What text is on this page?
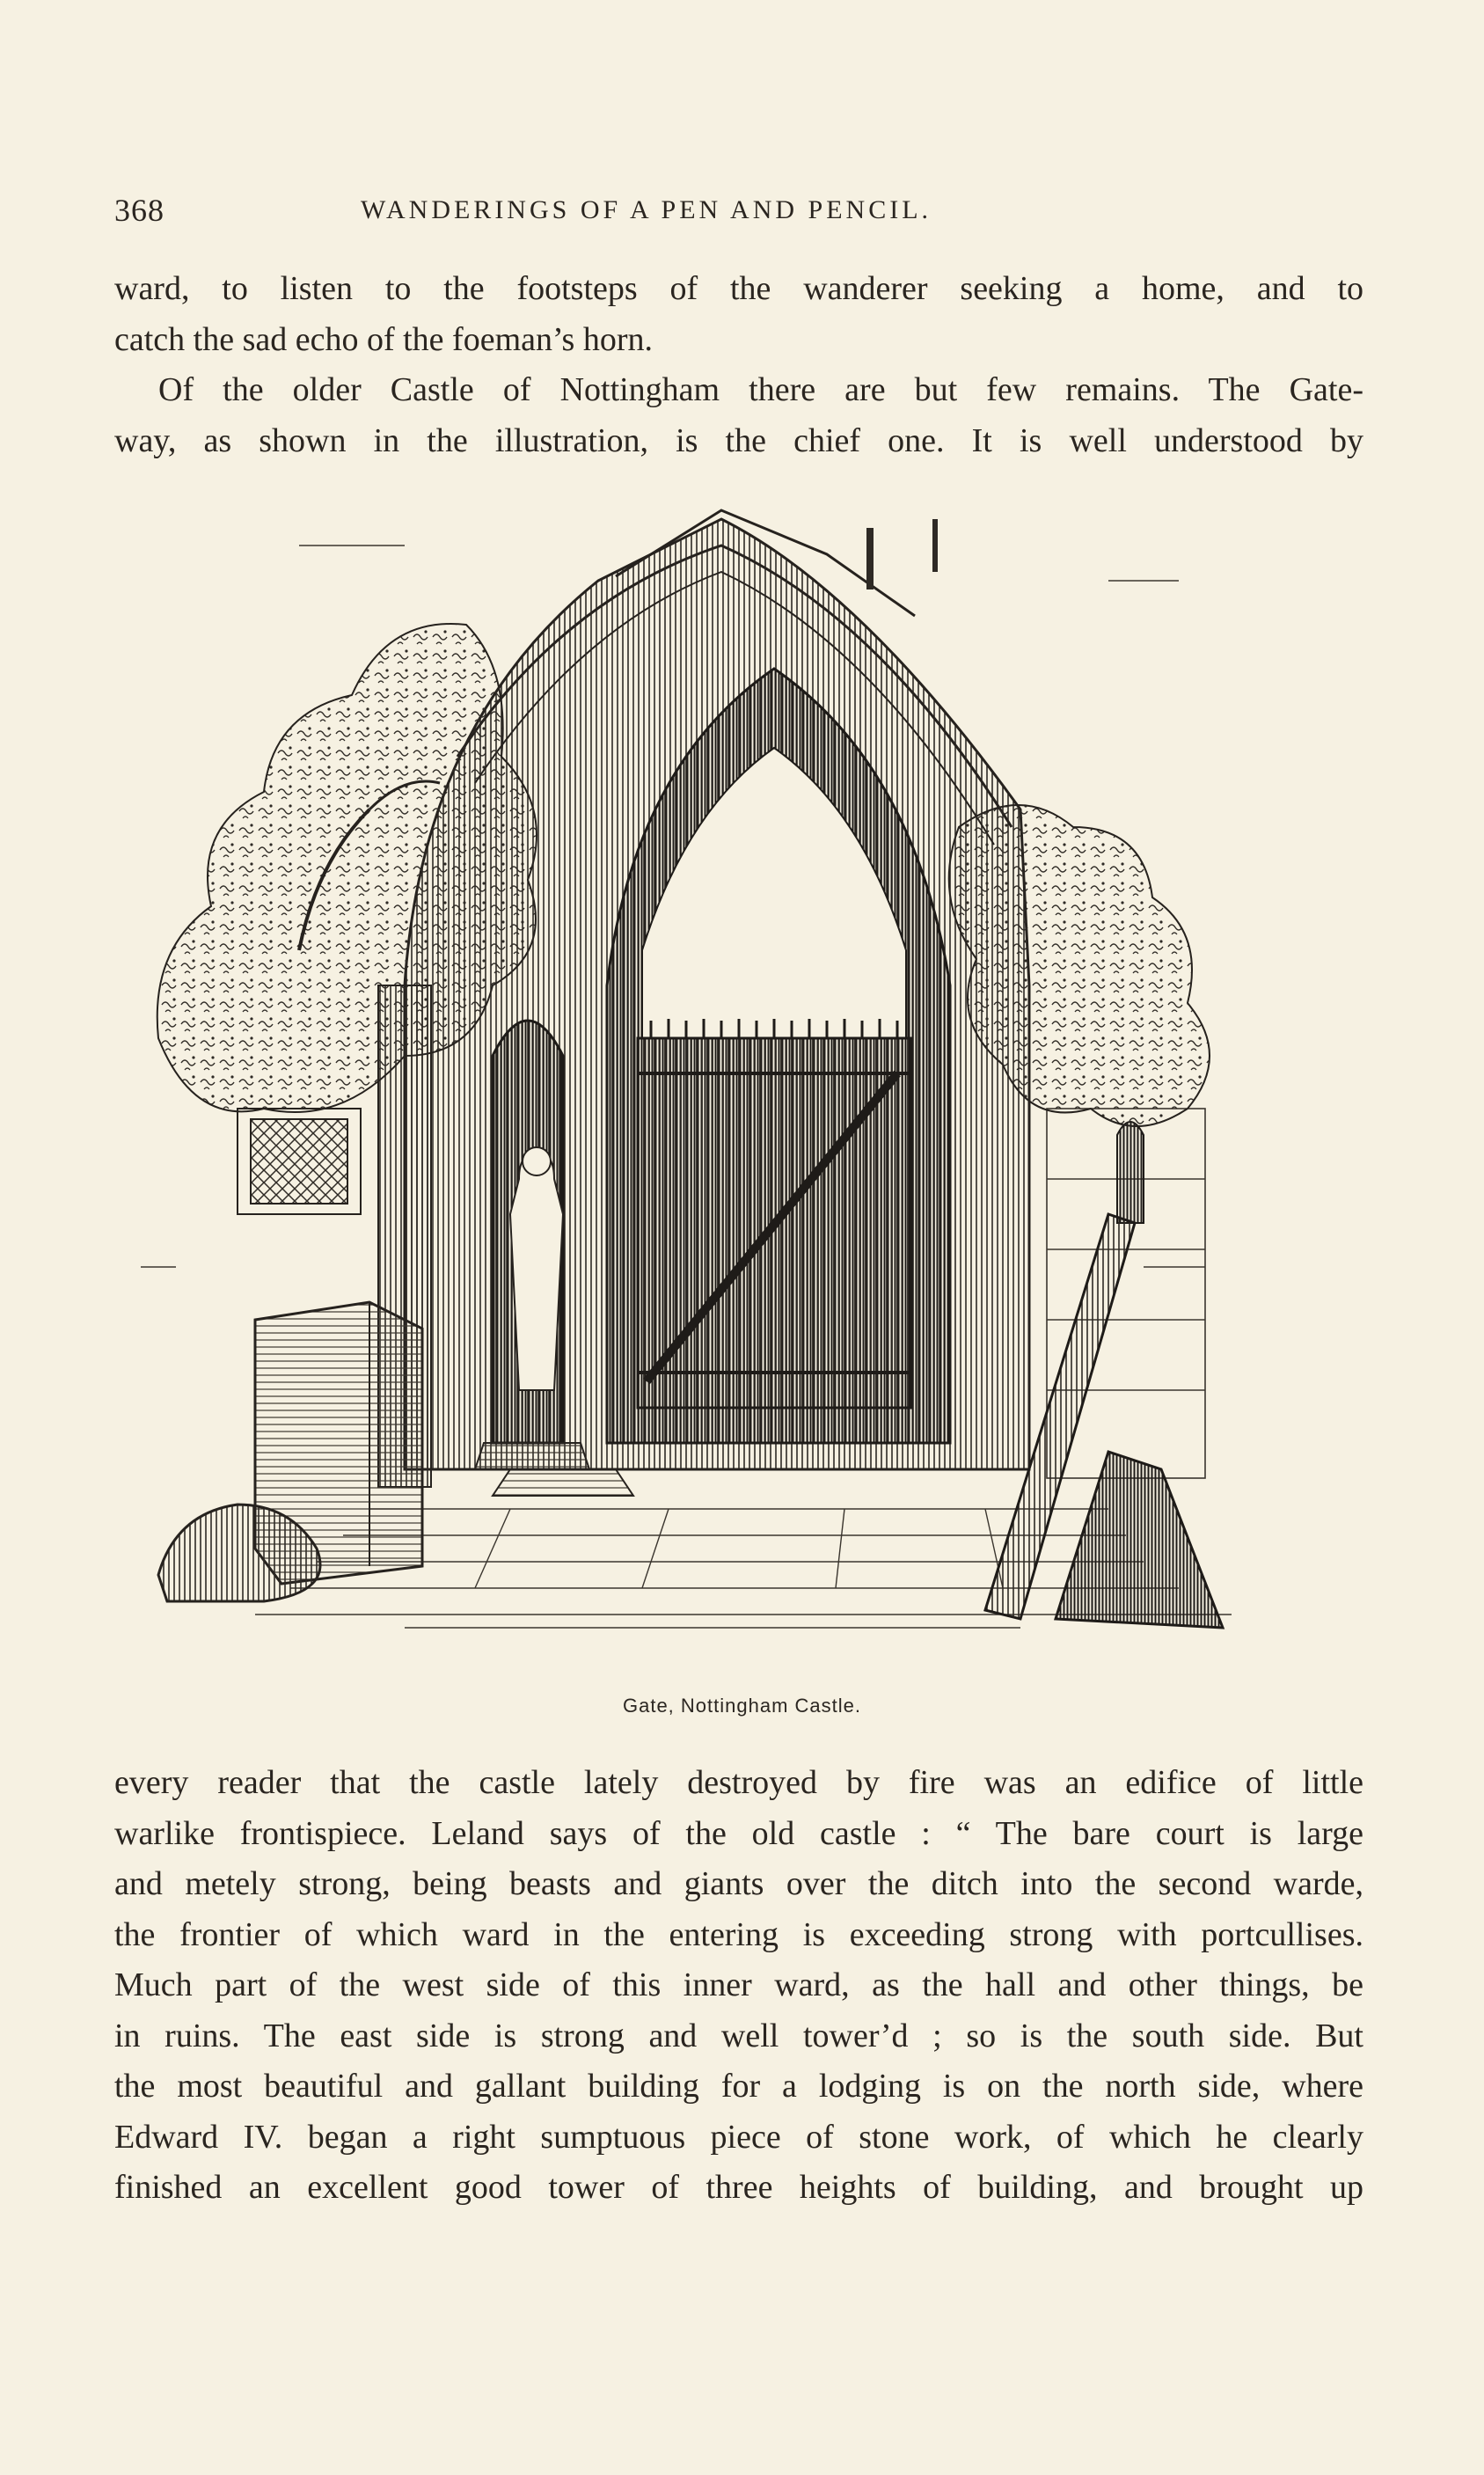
368	WANDERINGS OF A PEN AND PENCIL.
ward, to listen to the footsteps of the wanderer seeking a home, and to
catch the sad echo of the foeman’s horn.
Of the older Castle of Nottingham there are but few remains. The Gate-
way, as shown in the illustration, is the chief one. It is well understood by
Gate, Nottingham Castle.
every reader that the castle lately destroyed by fire was an edifice of little
warlike frontispiece. Leland says of the old castle : “ The bare court is large
and metely strong, being beasts and giants over the ditch into the second warde,
the frontier of which ward in the entering is exceeding strong with portcullises.
Much part of the west side of this inner ward, as the hall and other things, be
in ruins. The east side is strong and well tower’d ; so is the south side. But
the most beautiful and gallant building for a lodging is on the north side, where
Edward IV. began a right sumptuous piece of stone work, of which he clearly
finished an excellent good tower of three heights of building, and brought up
